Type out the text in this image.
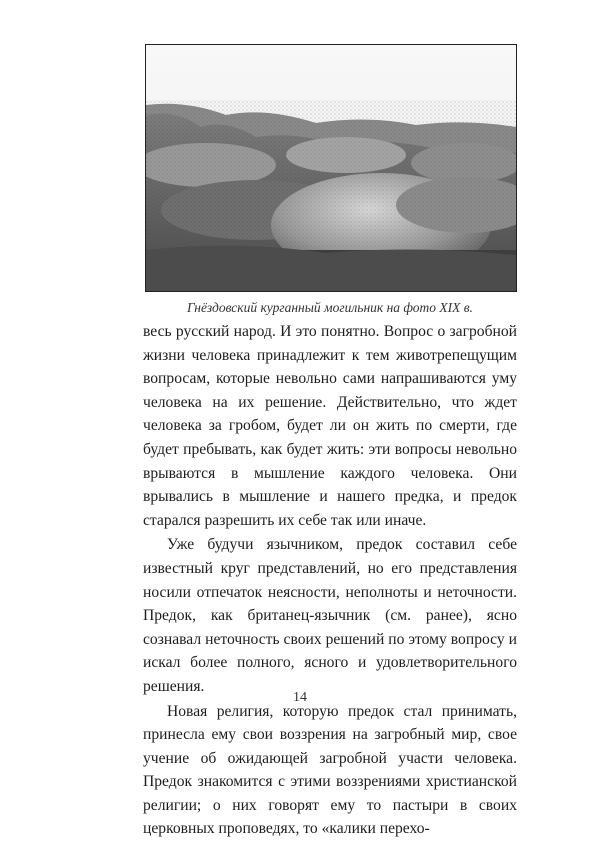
Гнёздовский курганный могильник на фото XIX в.

весь русский народ. И это понятно. Вопрос о загробной жизни человека принадлежит к тем животрепещущим вопросам, которые невольно сами напрашиваются уму человека на их решение. Действительно, что ждет человека за гробом, будет ли он жить по смерти, где будет пребывать, как будет жить: эти вопросы невольно врываются в мышление каждого человека. Они врывались в мышление и нашего предка, и предок старался разрешить их себе так или иначе.

Уже будучи язычником, предок составил себе известный круг представлений, но его представления носили отпечаток неясности, неполноты и неточности. Предок, как британец-язычник (см. ранее), ясно сознавал неточность своих решений по этому вопросу и искал более полного, ясного и удовлетворительного решения.

Новая религия, которую предок стал принимать, принесла ему свои воззрения на загробный мир, свое учение об ожидающей загробной участи человека. Предок знакомится с этими воззрениями христианской религии; о них говорят ему то пастыри в своих церковных проповедях, то «калики перехо-

14
